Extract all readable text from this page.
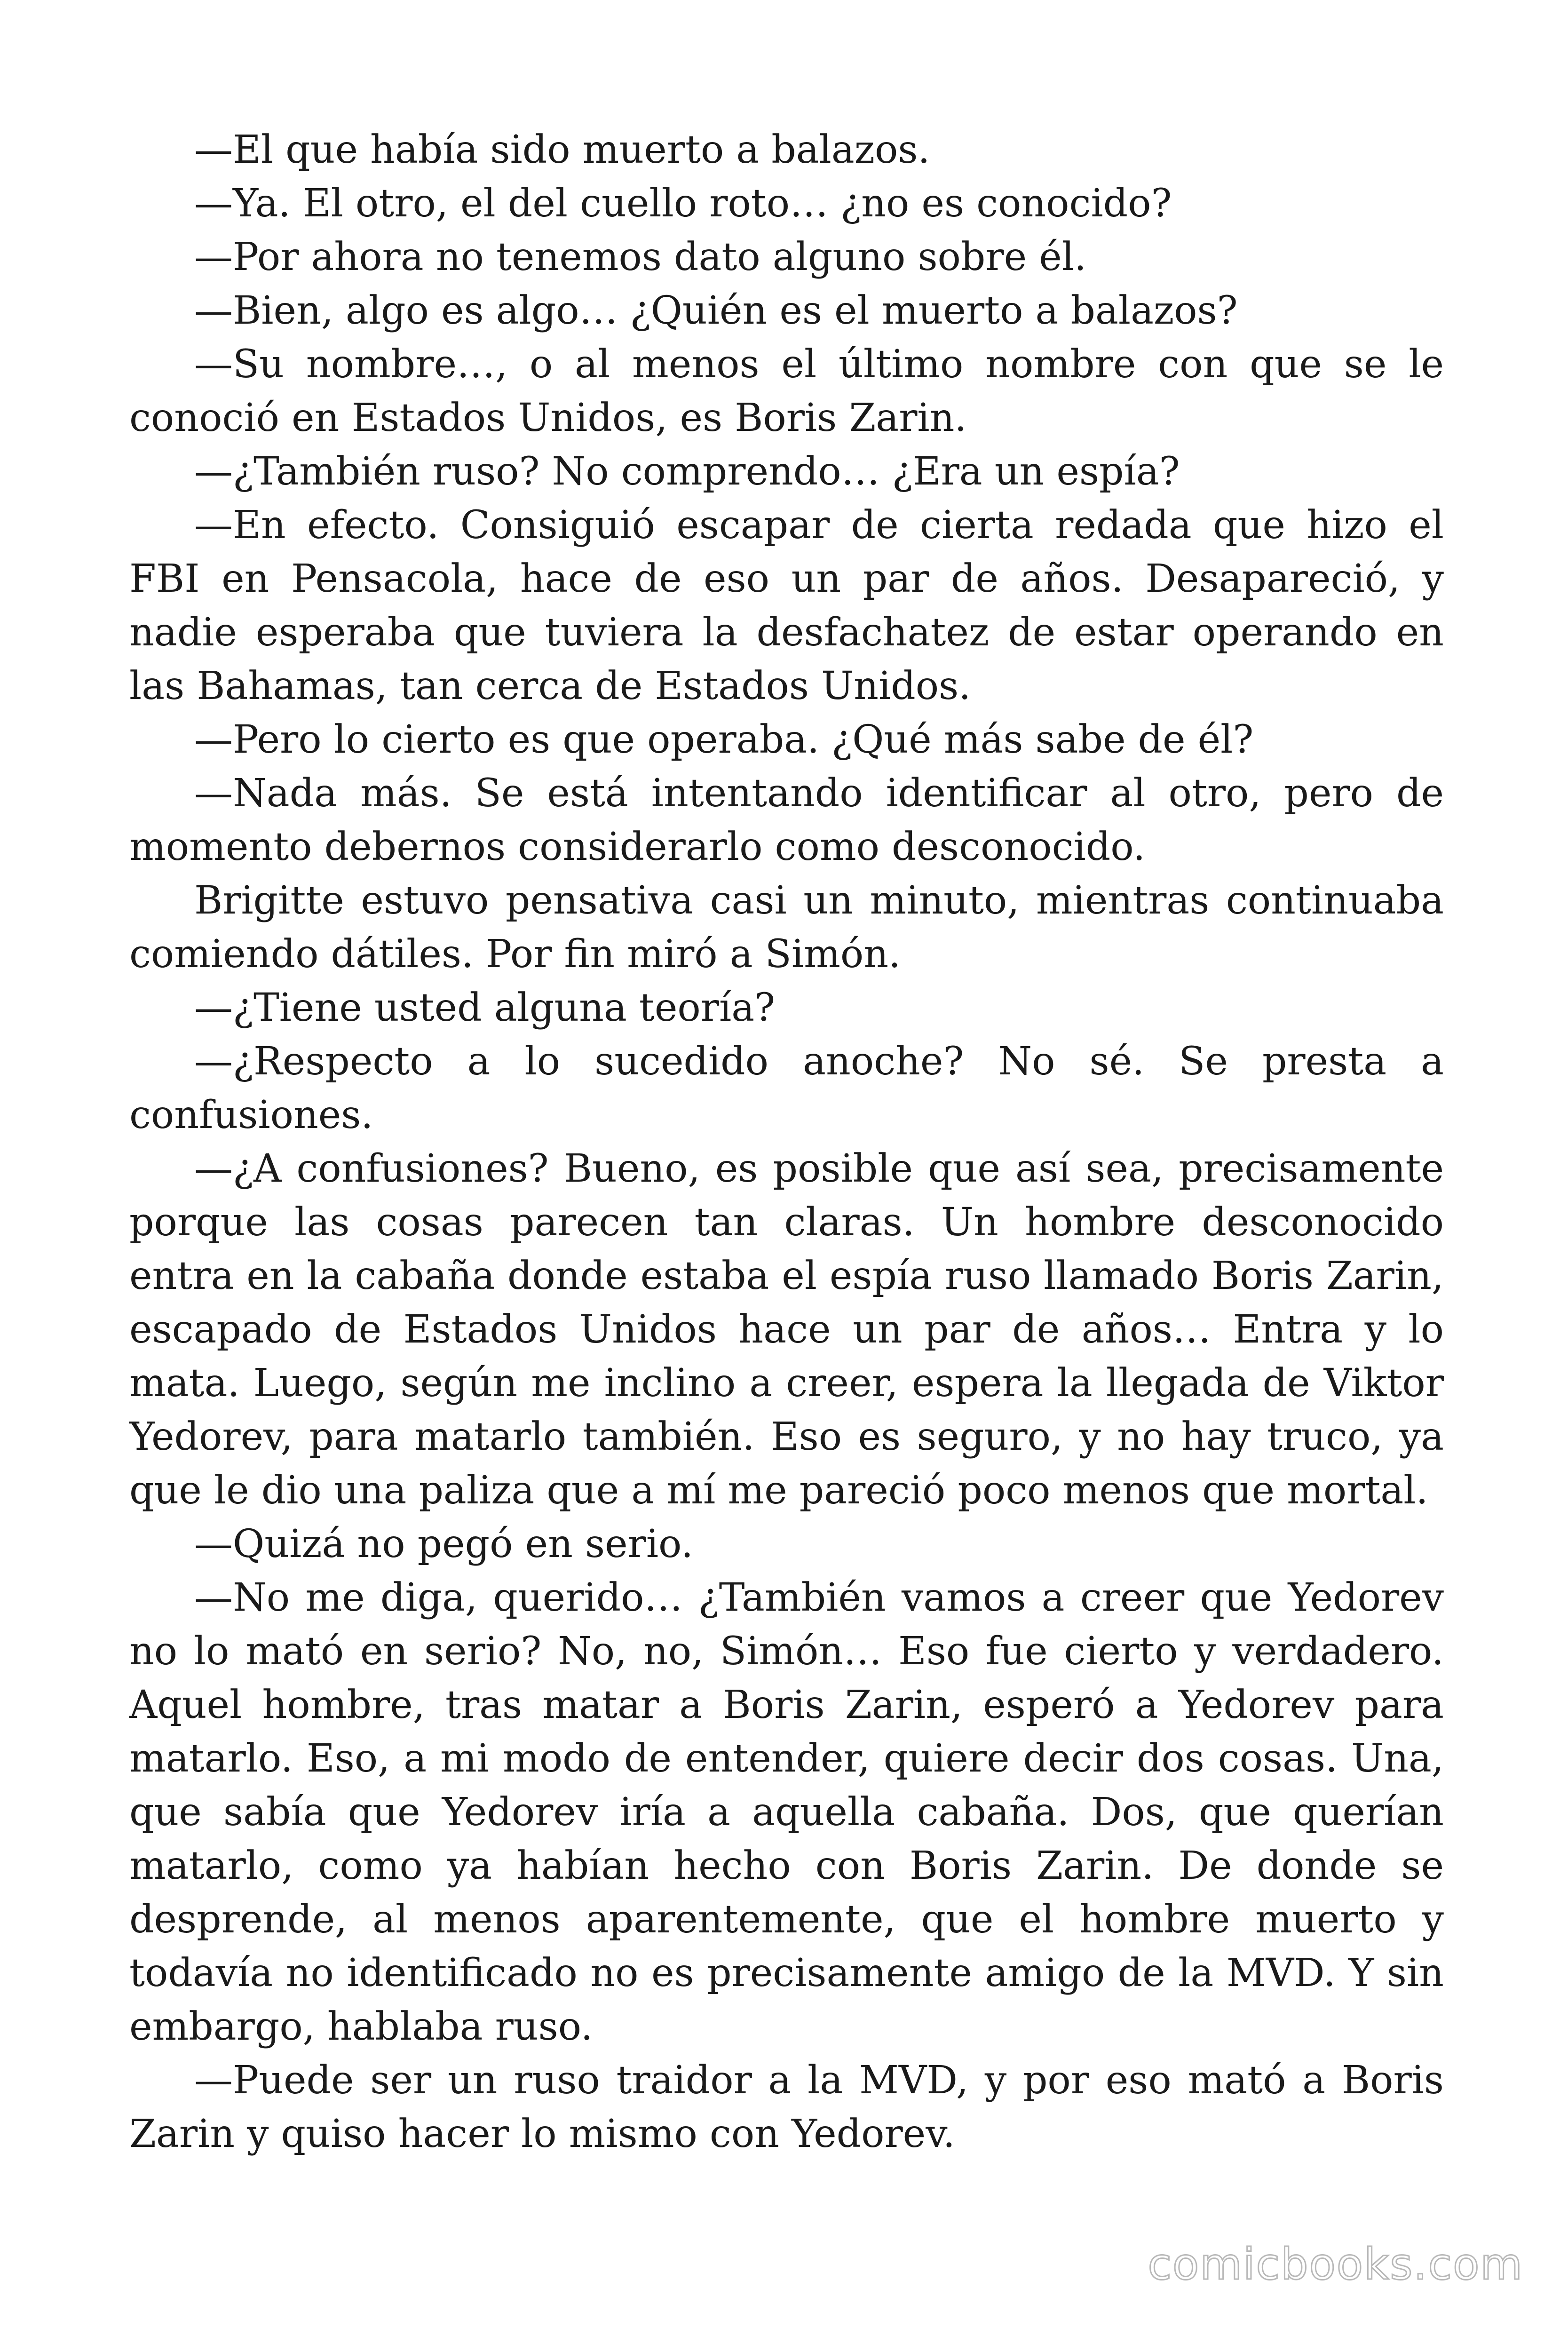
—El que había sido muerto a balazos.

—Ya. El otro, el del cuello roto… ¿no es conocido?

—Por ahora no tenemos dato alguno sobre él.

—Bien, algo es algo… ¿Quién es el muerto a balazos?

—Su nombre…, o al menos el último nombre con que se le conoció en Estados Unidos, es Boris Zarin.

—¿También ruso? No comprendo… ¿Era un espía?

—En efecto. Consiguió escapar de cierta redada que hizo el FBI en Pensacola, hace de eso un par de años. Desapareció, y nadie esperaba que tuviera la desfachatez de estar operando en las Bahamas, tan cerca de Estados Unidos.

—Pero lo cierto es que operaba. ¿Qué más sabe de él?

—Nada más. Se está intentando identificar al otro, pero de momento debernos considerarlo como desconocido.

Brigitte estuvo pensativa casi un minuto, mientras continuaba comiendo dátiles. Por fin miró a Simón.

—¿Tiene usted alguna teoría?

—¿Respecto a lo sucedido anoche? No sé. Se presta a confusiones.

—¿A confusiones? Bueno, es posible que así sea, precisamente porque las cosas parecen tan claras. Un hombre desconocido entra en la cabaña donde estaba el espía ruso llamado Boris Zarin, escapado de Estados Unidos hace un par de años… Entra y lo mata. Luego, según me inclino a creer, espera la llegada de Viktor Yedorev, para matarlo también. Eso es seguro, y no hay truco, ya que le dio una paliza que a mí me pareció poco menos que mortal.

—Quizá no pegó en serio.

—No me diga, querido… ¿También vamos a creer que Yedorev no lo mató en serio? No, no, Simón… Eso fue cierto y verdadero. Aquel hombre, tras matar a Boris Zarin, esperó a Yedorev para matarlo. Eso, a mi modo de entender, quiere decir dos cosas. Una, que sabía que Yedorev iría a aquella cabaña. Dos, que querían matarlo, como ya habían hecho con Boris Zarin. De donde se desprende, al menos aparentemente, que el hombre muerto y todavía no identificado no es precisamente amigo de la MVD. Y sin embargo, hablaba ruso.

—Puede ser un ruso traidor a la MVD, y por eso mató a Boris Zarin y quiso hacer lo mismo con Yedorev.

comicbooks.com
